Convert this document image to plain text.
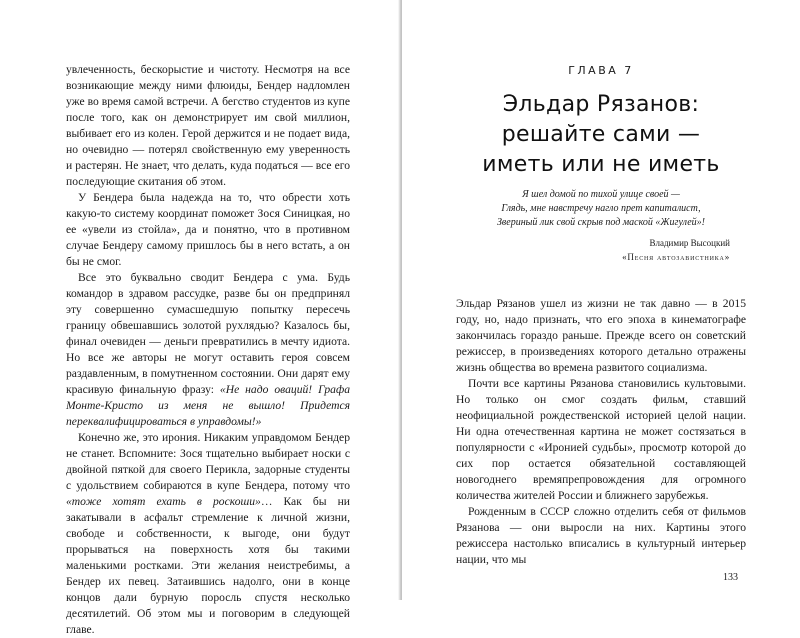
увлеченность, бескорыстие и чистоту. Несмотря на все возникающие между ними флюиды, Бендер надломлен уже во время самой встречи. А бегство студентов из купе после того, как он демонстрирует им свой миллион, выбивает его из колен. Герой держится и не подает вида, но очевидно — потерял свойственную ему уверенность и растерян. Не знает, что делать, куда податься — все его последующие скитания об этом.

У Бендера была надежда на то, что обрести хоть какую-то систему координат поможет Зося Синицкая, но ее «увели из стойла», да и понятно, что в противном случае Бендеру самому пришлось бы в него встать, а он бы не смог.

Все это буквально сводит Бендера с ума. Будь командор в здравом рассудке, разве бы он предпринял эту совершенно сумасшедшую попытку пересечь границу обвешавшись золотой рухлядью? Казалось бы, финал очевиден — деньги превратились в мечту идиота. Но все же авторы не могут оставить героя совсем раздавленным, в помутненном состоянии. Они дарят ему красивую финальную фразу: «Не надо оваций! Графа Монте-Кристо из меня не вышло! Придется переквалифицироваться в управдомы!»

Конечно же, это ирония. Никаким управдомом Бендер не станет. Вспомните: Зося тщательно выбирает носки с двойной пяткой для своего Перикла, задорные студенты с удольствием собираются в купе Бендера, потому что «тоже хотят ехать в роскоши»… Как бы ни закатывали в асфальт стремление к личной жизни, свободе и собственности, к выгоде, они будут прорываться на поверхность хотя бы такими маленькими ростками. Эти желания неистребимы, а Бендер их певец. Затаившись надолго, они в конце концов дали бурную поросль спустя несколько десятилетий. Об этом мы и поговорим в следующей главе.

ГЛАВА 7
Эльдар Рязанов:
решайте сами —
иметь или не иметь
Я шел домой по тихой улице своей —
Глядь, мне навстречу нагло прет капиталист,
Звериный лик свой скрыв под маской «Жигулей»!
Владимир Высоцкий
«Песня автозавистника»

Эльдар Рязанов ушел из жизни не так давно — в 2015 году, но, надо признать, что его эпоха в кинематографе закончилась гораздо раньше. Прежде всего он советский режиссер, в произведениях которого детально отражены жизнь общества во времена развитого социализма.

Почти все картины Рязанова становились культовыми. Но только он смог создать фильм, ставший неофициальной рождественской историей целой нации. Ни одна отечественная картина не может состязаться в популярности с «Иронией судьбы», просмотр которой до сих пор остается обязательной составляющей новогоднего времяпрепровождения для огромного количества жителей России и ближнего зарубежья.

Рожденным в СССР сложно отделить себя от фильмов Рязанова — они выросли на них. Картины этого режиссера настолько вписались в культурный интерьер нации, что мы

133
